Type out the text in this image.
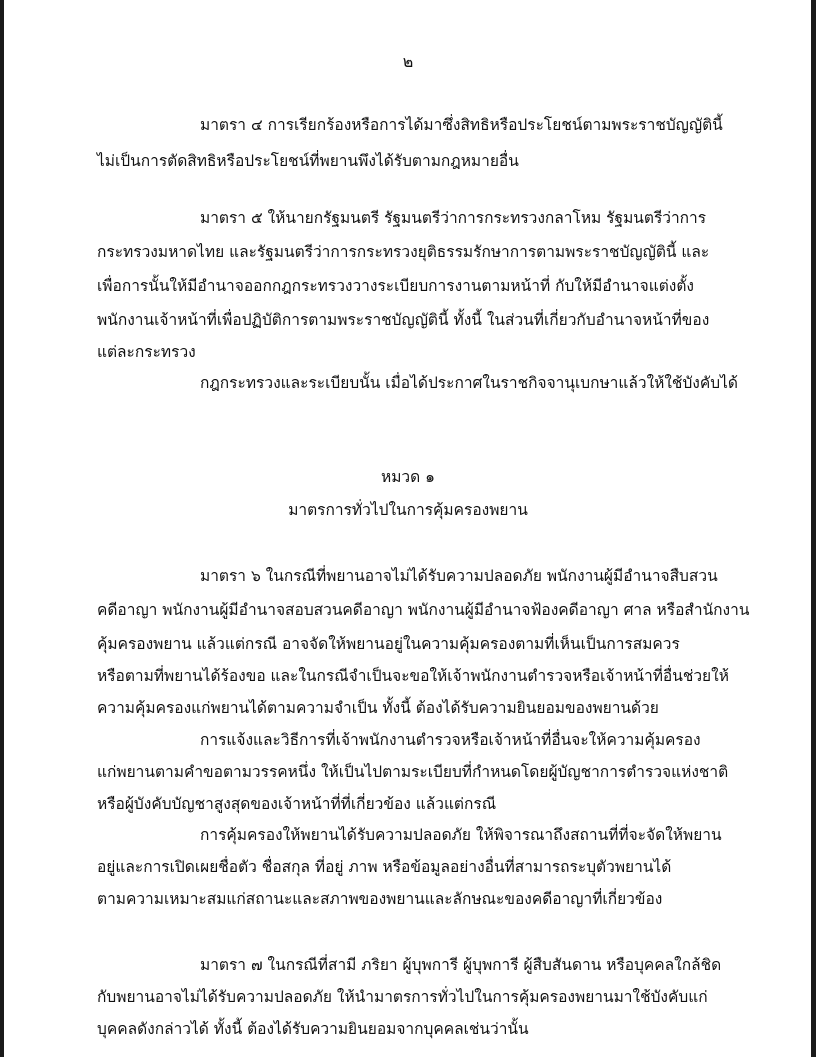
๒
มาตรา ๔ การเรียกร้องหรือการได้มาซึ่งสิทธิหรือประโยชน์ตามพระราชบัญญัตินี้
ไม่เป็นการตัดสิทธิหรือประโยชน์ที่พยานพึงได้รับตามกฎหมายอื่น
มาตรา ๕ ให้นายกรัฐมนตรี รัฐมนตรีว่าการกระทรวงกลาโหม รัฐมนตรีว่าการ
กระทรวงมหาดไทย และรัฐมนตรีว่าการกระทรวงยุติธรรมรักษาการตามพระราชบัญญัตินี้ และ
เพื่อการนั้นให้มีอำนาจออกกฎกระทรวงวางระเบียบการงานตามหน้าที่ กับให้มีอำนาจแต่งตั้ง
พนักงานเจ้าหน้าที่เพื่อปฏิบัติการตามพระราชบัญญัตินี้ ทั้งนี้ ในส่วนที่เกี่ยวกับอำนาจหน้าที่ของ
แต่ละกระทรวง
กฎกระทรวงและระเบียบนั้น เมื่อได้ประกาศในราชกิจจานุเบกษาแล้วให้ใช้บังคับได้
หมวด ๑
มาตรการทั่วไปในการคุ้มครองพยาน
มาตรา ๖ ในกรณีที่พยานอาจไม่ได้รับความปลอดภัย พนักงานผู้มีอำนาจสืบสวน
คดีอาญา พนักงานผู้มีอำนาจสอบสวนคดีอาญา พนักงานผู้มีอำนาจฟ้องคดีอาญา ศาล หรือสำนักงาน
คุ้มครองพยาน แล้วแต่กรณี อาจจัดให้พยานอยู่ในความคุ้มครองตามที่เห็นเป็นการสมควร
หรือตามที่พยานได้ร้องขอ และในกรณีจำเป็นจะขอให้เจ้าพนักงานตำรวจหรือเจ้าหน้าที่อื่นช่วยให้
ความคุ้มครองแก่พยานได้ตามความจำเป็น ทั้งนี้ ต้องได้รับความยินยอมของพยานด้วย
การแจ้งและวิธีการที่เจ้าพนักงานตำรวจหรือเจ้าหน้าที่อื่นจะให้ความคุ้มครอง
แก่พยานตามคำขอตามวรรคหนึ่ง ให้เป็นไปตามระเบียบที่กำหนดโดยผู้บัญชาการตำรวจแห่งชาติ
หรือผู้บังคับบัญชาสูงสุดของเจ้าหน้าที่ที่เกี่ยวข้อง แล้วแต่กรณี
การคุ้มครองให้พยานได้รับความปลอดภัย ให้พิจารณาถึงสถานที่ที่จะจัดให้พยาน
อยู่และการเปิดเผยชื่อตัว ชื่อสกุล ที่อยู่ ภาพ หรือข้อมูลอย่างอื่นที่สามารถระบุตัวพยานได้
ตามความเหมาะสมแก่สถานะและสภาพของพยานและลักษณะของคดีอาญาที่เกี่ยวข้อง
มาตรา ๗ ในกรณีที่สามี ภริยา ผู้บุพการี ผู้บุพการี ผู้สืบสันดาน หรือบุคคลใกล้ชิด
กับพยานอาจไม่ได้รับความปลอดภัย ให้นำมาตรการทั่วไปในการคุ้มครองพยานมาใช้บังคับแก่
บุคคลดังกล่าวได้ ทั้งนี้ ต้องได้รับความยินยอมจากบุคคลเช่นว่านั้น
